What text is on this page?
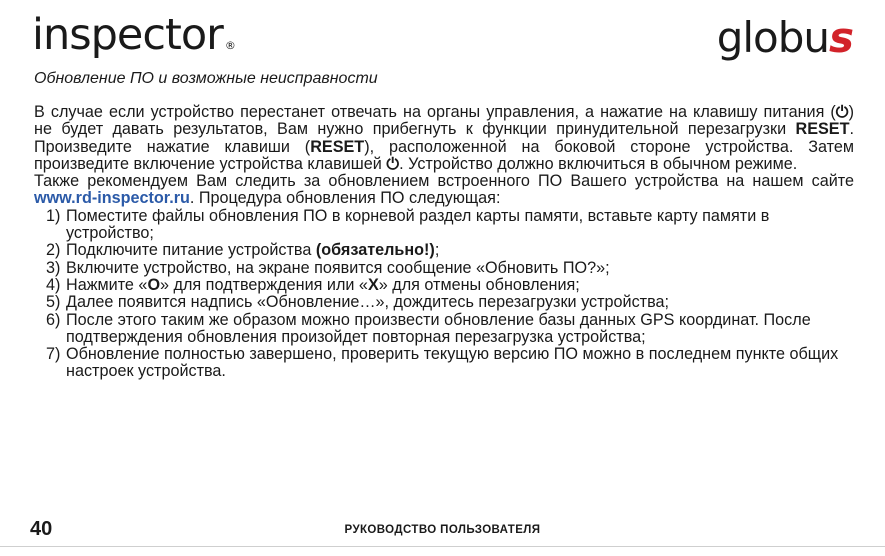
inspector ®	globus
Обновление ПО и возможные неисправности

В случае если устройство перестанет отвечать на органы управления, а нажатие на клавишу питания (⏻) не будет давать результатов, Вам нужно прибегнуть к функции принудительной перезагрузки RESET. Произведите нажатие клавиши (RESET), расположенной на боковой стороне устройства. Затем произведите включение устройства клавишей ⏻. Устройство должно включиться в обычном режиме.

Также рекомендуем Вам следить за обновлением встроенного ПО Вашего устройства на нашем сайте www.rd-inspector.ru. Процедура обновления ПО следующая:

1) Поместите файлы обновления ПО в корневой раздел карты памяти, вставьте карту памяти в устройство;
2) Подключите питание устройства (обязательно!);
3) Включите устройство, на экране появится сообщение «Обновить ПО?»;
4) Нажмите «O» для подтверждения или «X» для отмены обновления;
5) Далее появится надпись «Обновление…», дождитесь перезагрузки устройства;
6) После этого таким же образом можно произвести обновление базы данных GPS координат. После подтверждения обновления произойдет повторная перезагрузка устройства;
7) Обновление полностью завершено, проверить текущую версию ПО можно в последнем пункте общих настроек устройства.
40	РУКОВОДСТВО ПОЛЬЗОВАТЕЛЯ
